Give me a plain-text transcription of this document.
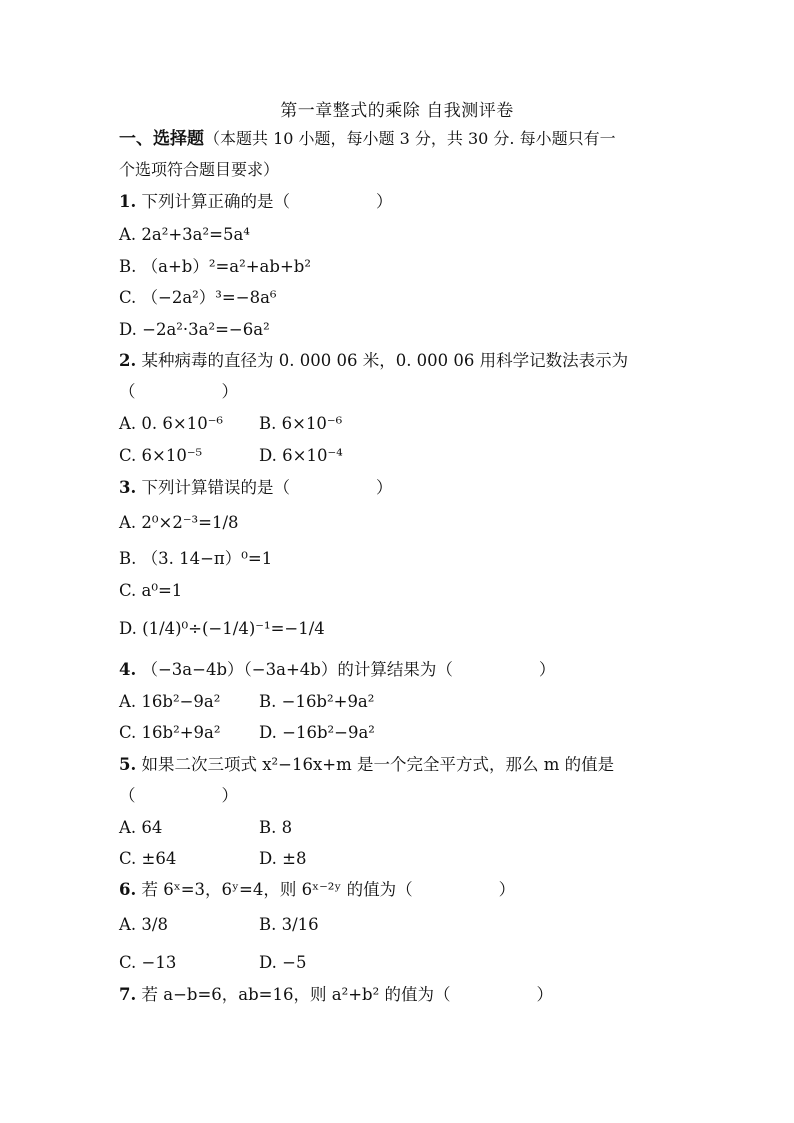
第一章整式的乘除 自我测评卷
一、选择题（本题共 10 小题，每小题 3 分，共 30 分. 每小题只有一
个选项符合题目要求）
1. 下列计算正确的是（	）
A. 2a²+3a²=5a⁴
B. （a+b）²=a²+ab+b²
C. （−2a²）³=−8a⁶
D. −2a²·3a²=−6a²
2. 某种病毒的直径为 0. 000 06 米，0. 000 06 用科学记数法表示为
（	）
A. 0. 6×10⁻⁶ B. 6×10⁻⁶
C. 6×10⁻⁵	D. 6×10⁻⁴
3. 下列计算错误的是（	）
A. 2⁰×2⁻³=1/8
B. （3. 14−π）⁰=1
C. a⁰=1
D. (1/4)⁰÷(−1/4)⁻¹=−1/4
4. （−3a−4b）（−3a+4b）的计算结果为（	）
A. 16b²−9a² B. −16b²+9a²
C. 16b²+9a² D. −16b²−9a²
5. 如果二次三项式 x²−16x+m 是一个完全平方式，那么 m 的值是
（	）
A. 64	B. 8
C. ±64	D. ±8
6. 若 6ˣ=3，6ʸ=4，则 6ˣ⁻²ʸ 的值为（	）
A. 3/8	B. 3/16
C. −13	D. −5
7. 若 a−b=6，ab=16，则 a²+b² 的值为（	）
